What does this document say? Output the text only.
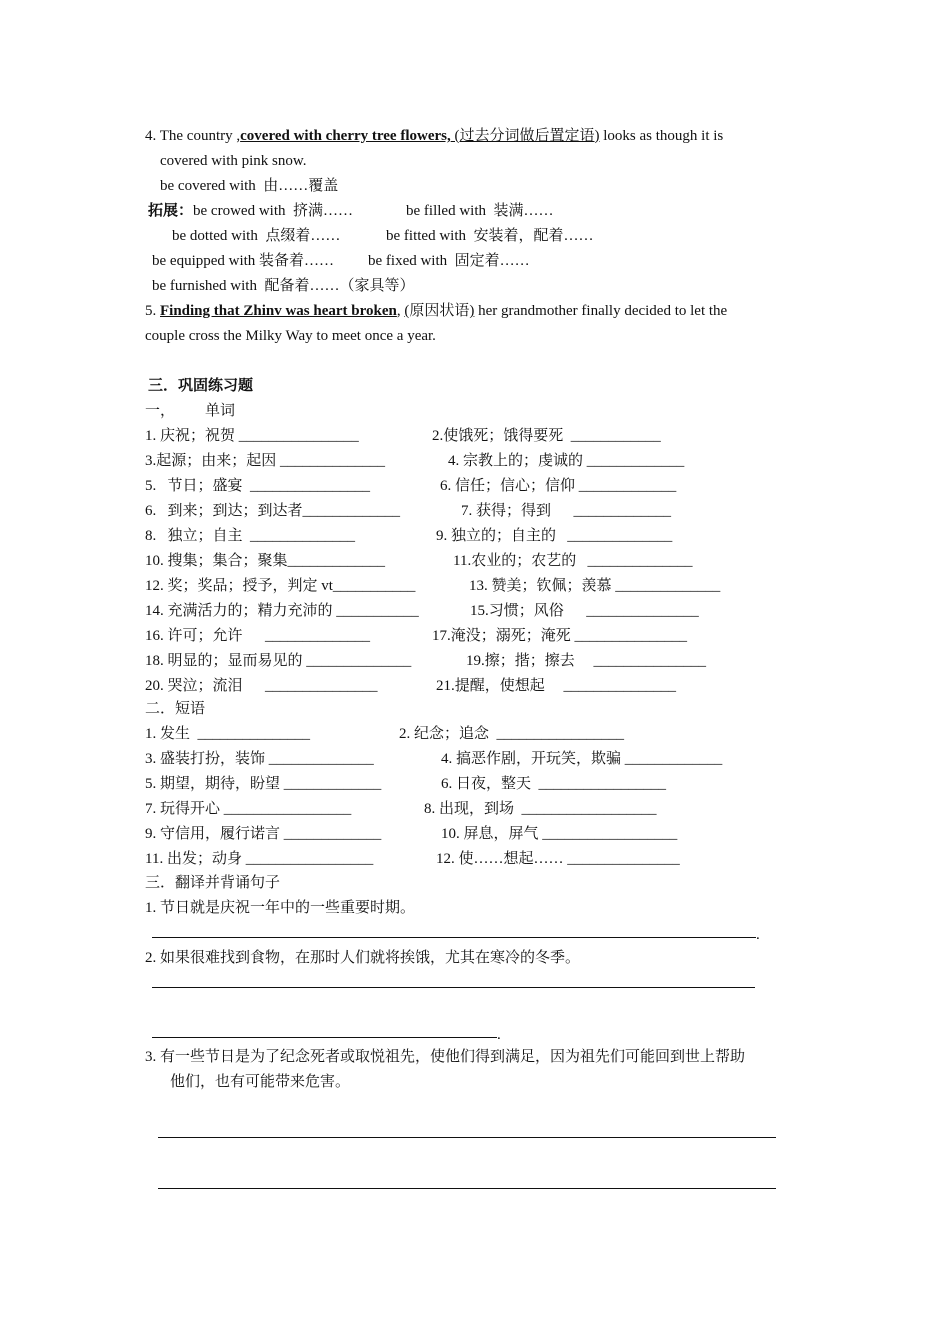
4. The country ,covered with cherry tree flowers, (过去分词做后置定语) looks as though it is
covered with pink snow.
be covered with  由……覆盖
拓展：be crowed with  挤满……	be filled with  装满……
be dotted with  点缀着……	be fitted with  安装着，配着……
be equipped with 装备着…… be fixed with  固定着……
be furnished with  配备着……（家具等）
5. Finding that Zhinv was heart broken, (原因状语) her grandmother finally decided to let the
couple cross the Milky Way to meet once a year.
三．巩固练习题
一，        单词
1. 庆祝；祝贺 ________________	2.使饿死；饿得要死  ____________
3.起源；由来；起因 ______________	4. 宗教上的；虔诚的 _____________
5.   节日；盛宴  ________________	6. 信任；信心；信仰 _____________
6.   到来；到达；到达者_____________	7. 获得；得到      _____________
8.   独立；自主  ______________	9. 独立的；自主的   ______________
10. 搜集；集合；聚集_____________	11.农业的；农艺的   ______________
12. 奖；奖品；授予，判定 vt___________	13. 赞美；钦佩；羡慕 ______________
14. 充满活力的；精力充沛的 ___________	15.习惯；风俗      _______________
16. 许可；允许      ______________	17.淹没；溺死；淹死 _______________
18. 明显的；显而易见的 ______________	19.擦；揩；擦去     _______________
20. 哭泣；流泪      _______________	21.提醒，使想起     _______________
二．短语
1. 发生  _______________	2. 纪念；追念  _________________
3. 盛装打扮，装饰 ______________	4. 搞恶作剧，开玩笑，欺骗 _____________
5. 期望，期待，盼望 _____________	6. 日夜，整天  _________________
7. 玩得开心 _________________	8. 出现，到场  __________________
9. 守信用，履行诺言 _____________	10. 屏息，屏气 __________________
11. 出发；动身 _________________	12. 使……想起…… _______________
三．翻译并背诵句子
1. 节日就是庆祝一年中的一些重要时期。
.
2. 如果很难找到食物，在那时人们就将挨饿，尤其在寒冷的冬季。
.
3. 有一些节日是为了纪念死者或取悦祖先，使他们得到满足，因为祖先们可能回到世上帮助
他们，也有可能带来危害。
